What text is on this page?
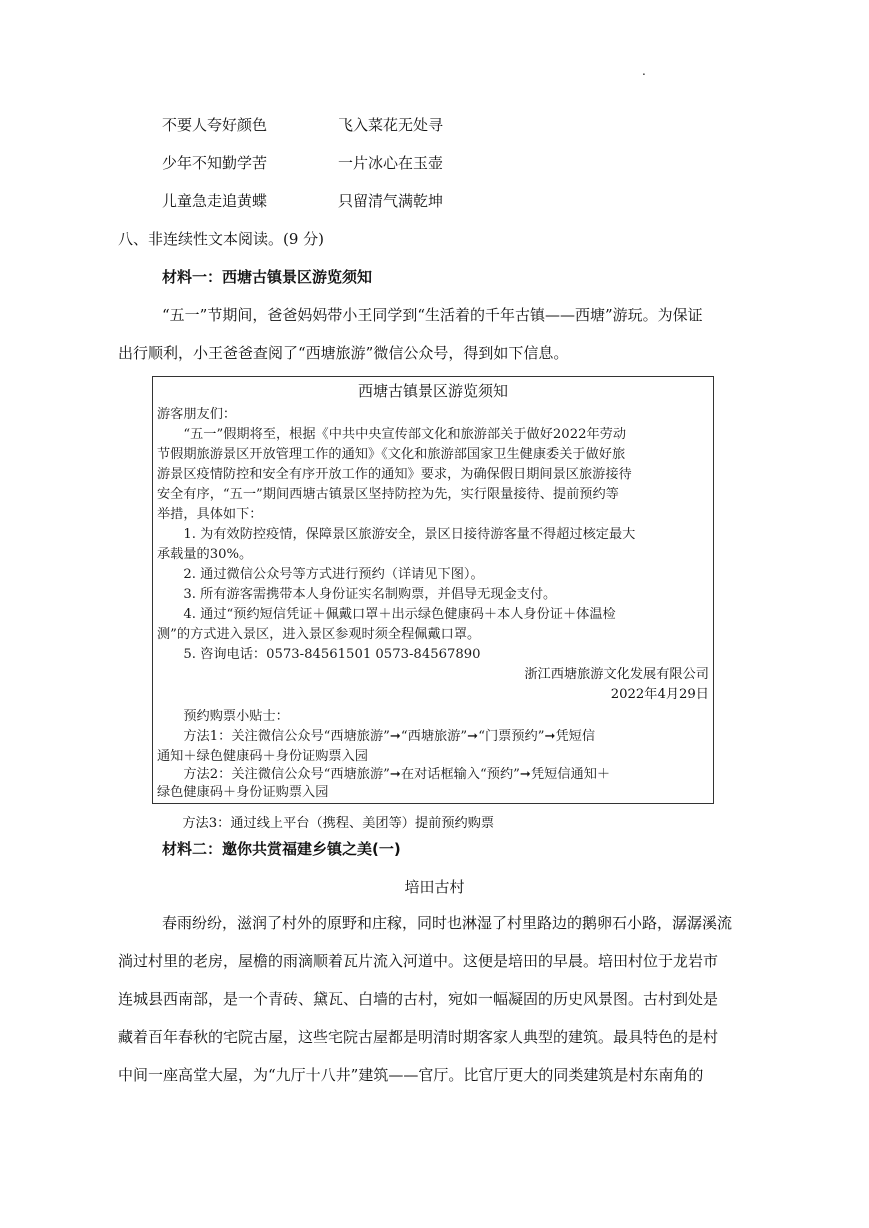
.
不要人夸好颜色	飞入菜花无处寻
少年不知勤学苦	一片冰心在玉壶
儿童急走追黄蝶	只留清气满乾坤
八、非连续性文本阅读。(9 分)
材料一：西塘古镇景区游览须知
“五一”节期间，爸爸妈妈带小王同学到“生活着的千年古镇——西塘”游玩。为保证
出行顺利，小王爸爸查阅了“西塘旅游”微信公众号，得到如下信息。
西塘古镇景区游览须知
游客朋友们：
　　“五一”假期将至，根据《中共中央宣传部文化和旅游部关于做好2022年劳动
节假期旅游景区开放管理工作的通知》《文化和旅游部国家卫生健康委关于做好旅
游景区疫情防控和安全有序开放工作的通知》要求，为确保假日期间景区旅游接待
安全有序，“五一”期间西塘古镇景区坚持防控为先，实行限量接待、提前预约等
举措，具体如下：
　　1. 为有效防控疫情，保障景区旅游安全，景区日接待游客量不得超过核定最大
承载量的30%。
　　2. 通过微信公众号等方式进行预约（详请见下图）。
　　3. 所有游客需携带本人身份证实名制购票，并倡导无现金支付。
　　4. 通过“预约短信凭证＋佩戴口罩＋出示绿色健康码＋本人身份证＋体温检
测”的方式进入景区，进入景区参观时须全程佩戴口罩。
　　5. 咨询电话：0573-84561501 0573-84567890
浙江西塘旅游文化发展有限公司
2022年4月29日
　　预约购票小贴士：
　　方法1：关注微信公众号“西塘旅游”➞“西塘旅游”➞“门票预约”➞凭短信
通知＋绿色健康码＋身份证购票入园
　　方法2：关注微信公众号“西塘旅游”➞在对话框输入“预约”➞凭短信通知＋
绿色健康码＋身份证购票入园
　　方法3：通过线上平台（携程、美团等）提前预约购票
材料二：邀你共赏福建乡镇之美(一)
培田古村
春雨纷纷，滋润了村外的原野和庄稼，同时也淋湿了村里路边的鹅卵石小路，潺潺溪流
淌过村里的老房，屋檐的雨滴顺着瓦片流入河道中。这便是培田的早晨。培田村位于龙岩市
连城县西南部，是一个青砖、黛瓦、白墙的古村，宛如一幅凝固的历史风景图。古村到处是
藏着百年春秋的宅院古屋，这些宅院古屋都是明清时期客家人典型的建筑。最具特色的是村
中间一座高堂大屋，为“九厅十八井”建筑——官厅。比官厅更大的同类建筑是村东南角的
